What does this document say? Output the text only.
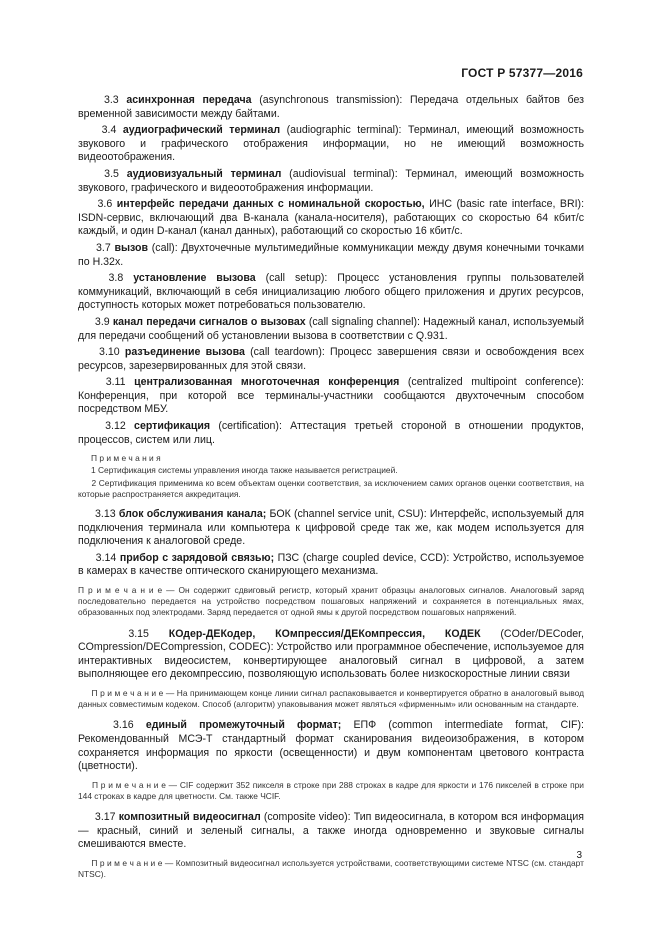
ГОСТ Р 57377—2016
   3.3 асинхронная передача (asynchronous transmission): Передача отдельных байтов без временной зависимости между байтами.
   3.4 аудиографический терминал (audiographic terminal): Терминал, имеющий возможность звукового и графического отображения информации, но не имеющий возможность видеоотображения.
   3.5 аудиовизуальный терминал (audiovisual terminal): Терминал, имеющий возможность звукового, графического и видеоотображения информации.
   3.6 интерфейс передачи данных с номинальной скоростью, ИНС (basic rate interface, BRI): ISDN-сервис, включающий два B-канала (канала-носителя), работающих со скоростью 64 кбит/с каждый, и один D-канал (канал данных), работающий со скоростью 16 кбит/с.
   3.7 вызов (call): Двухточечные мультимедийные коммуникации между двумя конечными точками по H.32x.
   3.8 установление вызова (call setup): Процесс установления группы пользователей коммуникаций, включающий в себя инициализацию любого общего приложения и других ресурсов, доступность которых может потребоваться пользователю.
   3.9 канал передачи сигналов о вызовах (call signaling channel): Надежный канал, используемый для передачи сообщений об установлении вызова в соответствии с Q.931.
   3.10 разъединение вызова (call teardown): Процесс завершения связи и освобождения всех ресурсов, зарезервированных для этой связи.
   3.11 централизованная многоточечная конференция (centralized multipoint conference): Конференция, при которой все терминалы-участники сообщаются двухточечным способом посредством МБУ.
   3.12 сертификация (certification): Аттестация третьей стороной в отношении продуктов, процессов, систем или лиц.
   П р и м е ч а н и я
   1 Сертификация системы управления иногда также называется регистрацией.
   2 Сертификация применима ко всем объектам оценки соответствия, за исключением самих органов оценки соответствия, на которые распространяется аккредитация.
   3.13 блок обслуживания канала; БОК (channel service unit, CSU): Интерфейс, используемый для подключения терминала или компьютера к цифровой среде так же, как модем используется для подключения к аналоговой среде.
   3.14 прибор с зарядовой связью; ПЗС (charge coupled device, CCD): Устройство, используемое в камерах в качестве оптического сканирующего механизма.
П р и м е ч а н и е — Он содержит сдвиговый регистр, который хранит образцы аналоговых сигналов. Аналоговый заряд последовательно передается на устройство посредством пошаговых напряжений и сохраняется в потенциальных ямах, образованных под электродами. Заряд передается от одной ямы к другой посредством пошаговых напряжений.
   3.15 КОдер-ДЕКодер, КОмпрессия/ДЕКомпрессия, КОДЕК (COder/DECoder, COmpression/DECompression, CODEC): Устройство или программное обеспечение, используемое для интерактивных видеосистем, конвертирующее аналоговый сигнал в цифровой, а затем выполняющее его декомпрессию, позволяющую использовать более низкоскоростные линии связи
   П р и м е ч а н и е — На принимающем конце линии сигнал распаковывается и конвертируется обратно в аналоговый вывод данных совместимым кодеком. Способ (алгоритм) упаковывания может являться «фирменным» или основанным на стандарте.
   3.16 единый промежуточный формат; ЕПФ (common intermediate format, CIF): Рекомендованный МСЭ-Т стандартный формат сканирования видеоизображения, в котором сохраняется информация по яркости (освещенности) и двум компонентам цветового контраста (цветности).
   П р и м е ч а н и е — CIF содержит 352 пикселя в строке при 288 строках в кадре для яркости и 176 пикселей в строке при 144 строках в кадре для цветности. См. также ЧCIF.
   3.17 композитный видеосигнал (composite video): Тип видеосигнала, в котором вся информация — красный, синий и зеленый сигналы, а также иногда одновременно и звуковые сигналы смешиваются вместе.
   П р и м е ч а н и е — Композитный видеосигнал используется устройствами, соответствующими системе NTSC (см. стандарт NTSC).
3
